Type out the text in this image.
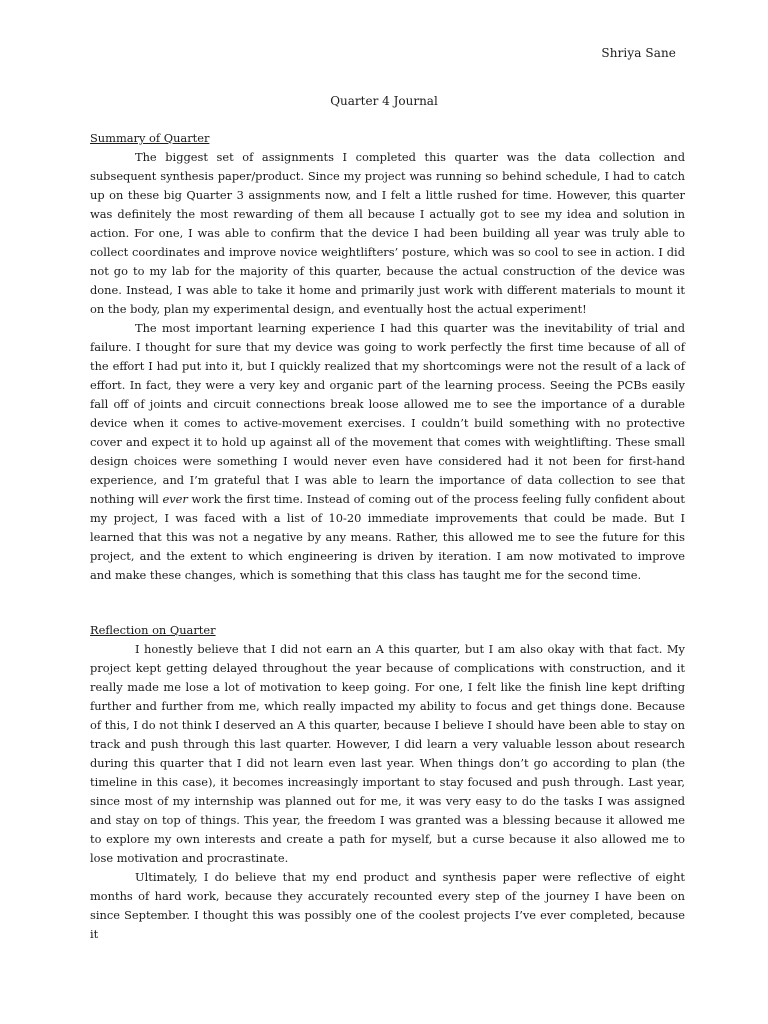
Shriya Sane
Quarter 4 Journal
Summary of Quarter

The biggest set of assignments I completed this quarter was the data collection and subsequent synthesis paper/product. Since my project was running so behind schedule, I had to catch up on these big Quarter 3 assignments now, and I felt a little rushed for time. However, this quarter was definitely the most rewarding of them all because I actually got to see my idea and solution in action. For one, I was able to confirm that the device I had been building all year was truly able to collect coordinates and improve novice weightlifters’ posture, which was so cool to see in action. I did not go to my lab for the majority of this quarter, because the actual construction of the device was done. Instead, I was able to take it home and primarily just work with different materials to mount it on the body, plan my experimental design, and eventually host the actual experiment!

The most important learning experience I had this quarter was the inevitability of trial and failure. I thought for sure that my device was going to work perfectly the first time because of all of the effort I had put into it, but I quickly realized that my shortcomings were not the result of a lack of effort. In fact, they were a very key and organic part of the learning process. Seeing the PCBs easily fall off of joints and circuit connections break loose allowed me to see the importance of a durable device when it comes to active-movement exercises. I couldn’t build something with no protective cover and expect it to hold up against all of the movement that comes with weightlifting. These small design choices were something I would never even have considered had it not been for first-hand experience, and I’m grateful that I was able to learn the importance of data collection to see that nothing will ever work the first time. Instead of coming out of the process feeling fully confident about my project, I was faced with a list of 10-20 immediate improvements that could be made. But I learned that this was not a negative by any means. Rather, this allowed me to see the future for this project, and the extent to which engineering is driven by iteration. I am now motivated to improve and make these changes, which is something that this class has taught me for the second time.

Reflection on Quarter

I honestly believe that I did not earn an A this quarter, but I am also okay with that fact. My project kept getting delayed throughout the year because of complications with construction, and it really made me lose a lot of motivation to keep going. For one, I felt like the finish line kept drifting further and further from me, which really impacted my ability to focus and get things done. Because of this, I do not think I deserved an A this quarter, because I believe I should have been able to stay on track and push through this last quarter. However, I did learn a very valuable lesson about research during this quarter that I did not learn even last year. When things don’t go according to plan (the timeline in this case), it becomes increasingly important to stay focused and push through. Last year, since most of my internship was planned out for me, it was very easy to do the tasks I was assigned and stay on top of things. This year, the freedom I was granted was a blessing because it allowed me to explore my own interests and create a path for myself, but a curse because it also allowed me to lose motivation and procrastinate.

Ultimately, I do believe that my end product and synthesis paper were reflective of eight months of hard work, because they accurately recounted every step of the journey I have been on since September. I thought this was possibly one of the coolest projects I’ve ever completed, because it
